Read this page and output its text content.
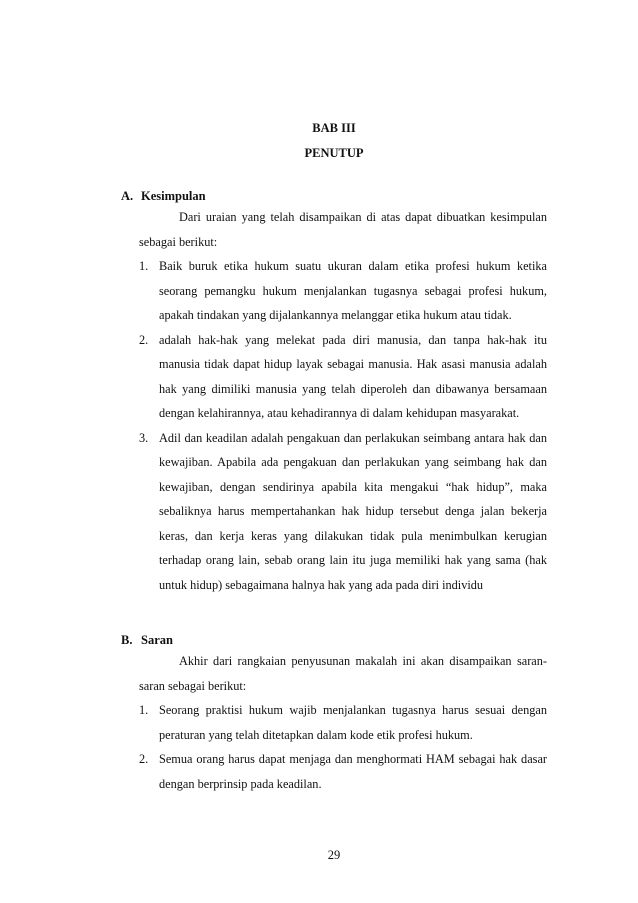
BAB III
PENUTUP
A. Kesimpulan
Dari uraian yang telah disampaikan di atas dapat dibuatkan kesimpulan sebagai berikut:
1. Baik buruk etika hukum suatu ukuran dalam etika profesi hukum ketika seorang pemangku hukum menjalankan tugasnya sebagai profesi hukum, apakah tindakan yang dijalankannya melanggar etika hukum atau tidak.
2. adalah hak-hak yang melekat pada diri manusia, dan tanpa hak-hak itu manusia tidak dapat hidup layak sebagai manusia. Hak asasi manusia adalah hak yang dimiliki manusia yang telah diperoleh dan dibawanya bersamaan dengan kelahirannya, atau kehadirannya di dalam kehidupan masyarakat.
3. Adil dan keadilan adalah pengakuan dan perlakukan seimbang antara hak dan kewajiban. Apabila ada pengakuan dan perlakukan yang seimbang hak dan kewajiban, dengan sendirinya apabila kita mengakui “hak hidup”, maka sebaliknya harus mempertahankan hak hidup tersebut denga jalan bekerja keras, dan kerja keras yang dilakukan tidak pula menimbulkan kerugian terhadap orang lain, sebab orang lain itu juga memiliki hak yang sama (hak untuk hidup) sebagaimana halnya hak yang ada pada diri individu
B. Saran
Akhir dari rangkaian penyusunan makalah ini akan disampaikan saran-saran sebagai berikut:
1. Seorang praktisi hukum wajib menjalankan tugasnya harus sesuai dengan peraturan yang telah ditetapkan dalam kode etik profesi hukum.
2. Semua orang harus dapat menjaga dan menghormati HAM sebagai hak dasar dengan berprinsip pada keadilan.
29
